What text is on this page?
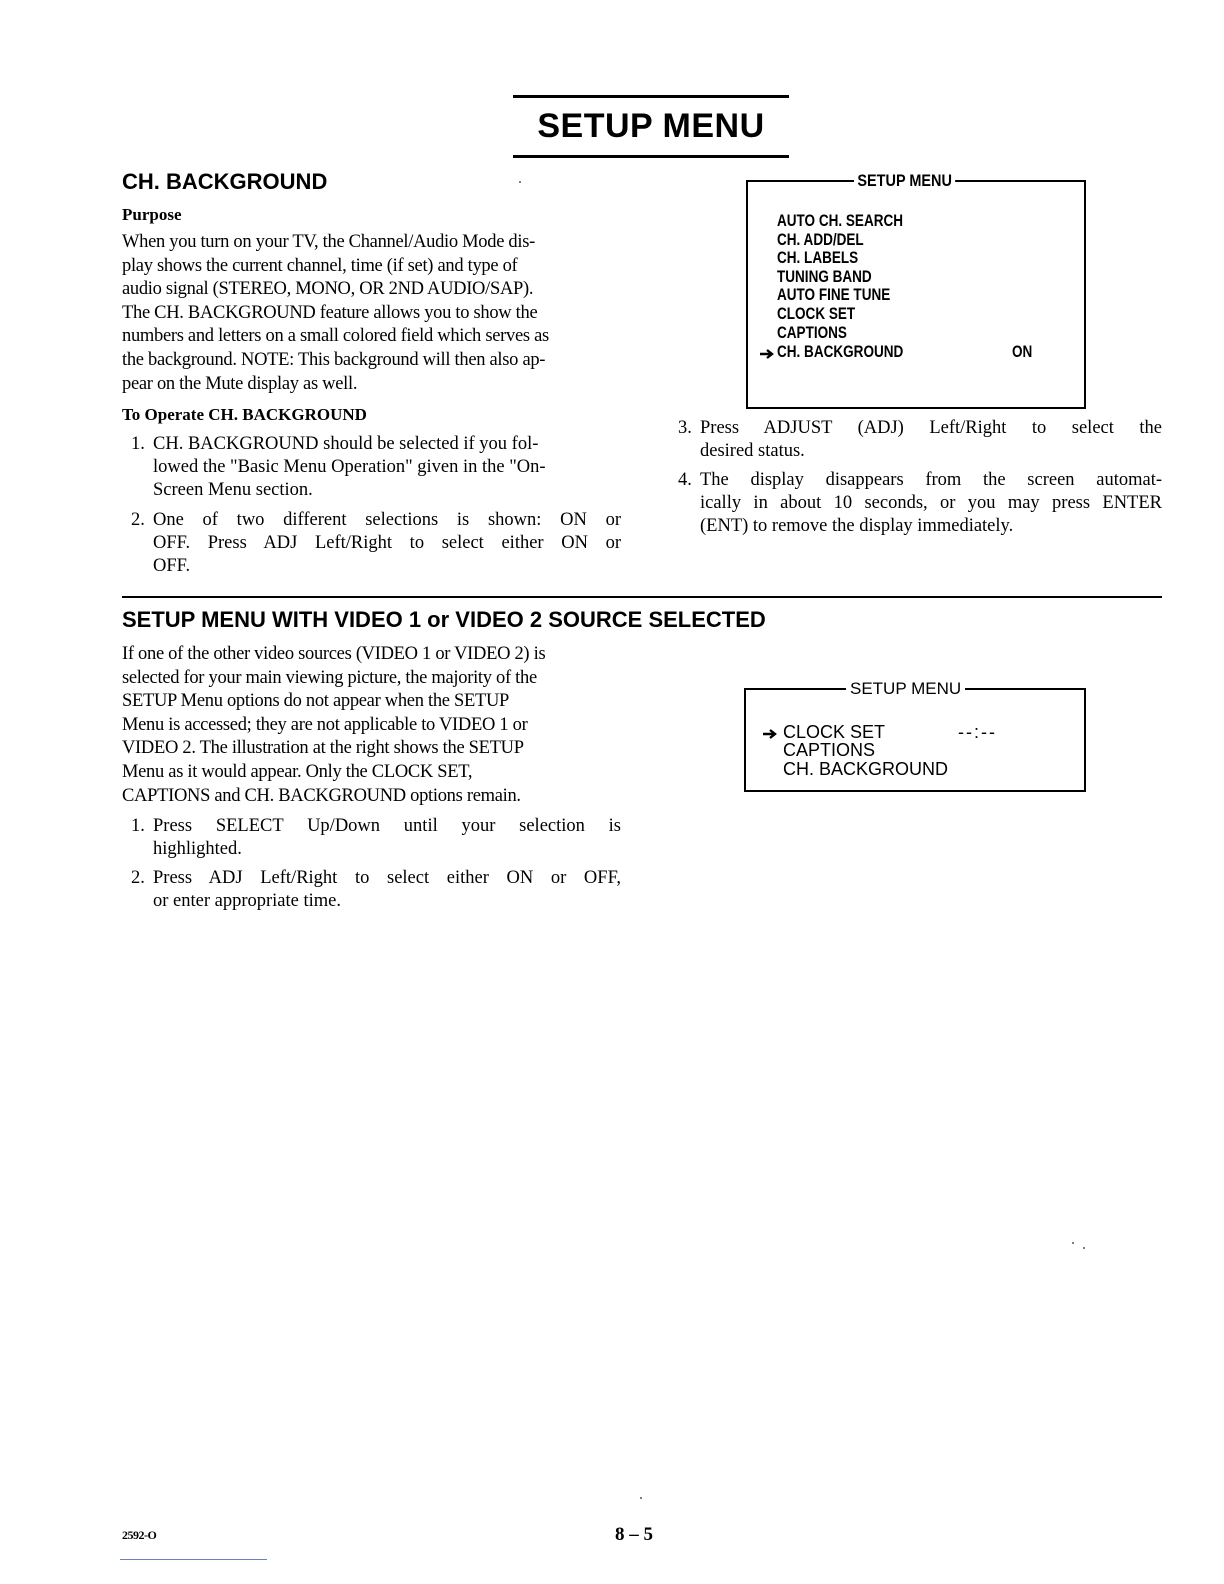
SETUP MENU
CH. BACKGROUND
Purpose
When you turn on your TV, the Channel/Audio Mode dis-
play shows the current channel, time (if set) and type of
audio signal (STEREO, MONO, OR 2ND AUDIO/SAP).
The CH. BACKGROUND feature allows you to show the
numbers and letters on a small colored field which serves as
the background. NOTE: This background will then also ap-
pear on the Mute display as well.
To Operate CH. BACKGROUND
1. CH. BACKGROUND should be selected if you fol-
lowed the "Basic Menu Operation" given in the "On-
Screen Menu section.
2. One of two different selections is shown: ON or
OFF. Press ADJ Left/Right to select either ON or
OFF.
SETUP MENU
AUTO CH. SEARCH
CH. ADD/DEL
CH. LABELS
TUNING BAND
AUTO FINE TUNE
CLOCK SET
CAPTIONS
CH. BACKGROUND	ON
3. Press ADJUST (ADJ) Left/Right to select the
desired status.
4. The display disappears from the screen automat-
ically in about 10 seconds, or you may press ENTER
(ENT) to remove the display immediately.
SETUP MENU WITH VIDEO 1 or VIDEO 2 SOURCE SELECTED
If one of the other video sources (VIDEO 1 or VIDEO 2) is
selected for your main viewing picture, the majority of the
SETUP Menu options do not appear when the SETUP
Menu is accessed; they are not applicable to VIDEO 1 or
VIDEO 2. The illustration at the right shows the SETUP
Menu as it would appear. Only the CLOCK SET,
CAPTIONS and CH. BACKGROUND options remain.
1. Press SELECT Up/Down until your selection is
highlighted.
2. Press ADJ Left/Right to select either ON or OFF,
or enter appropriate time.
SETUP MENU
CLOCK SET	--:--
CAPTIONS
CH. BACKGROUND
2592-O	8 – 5
